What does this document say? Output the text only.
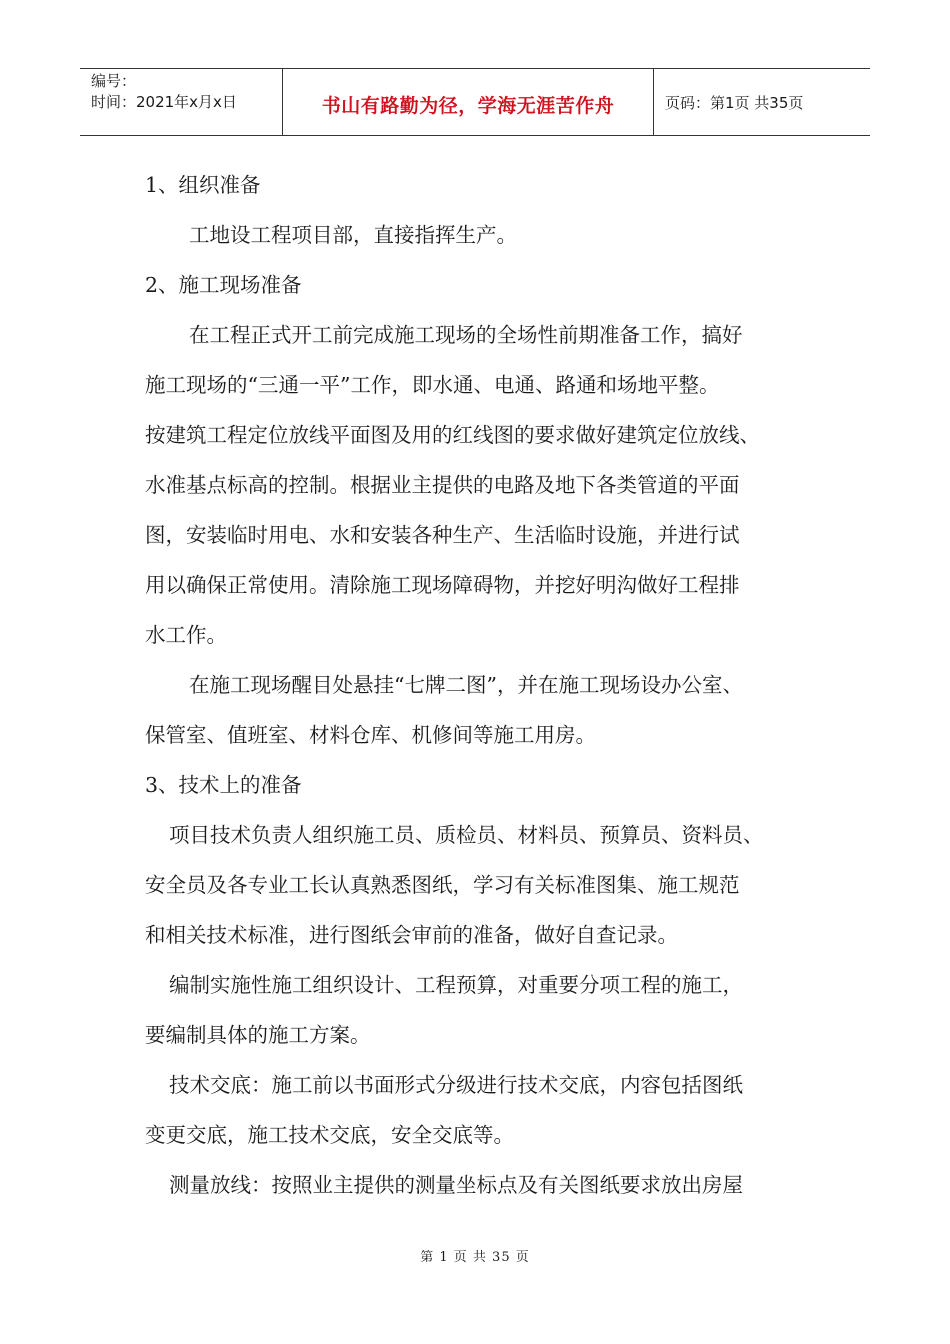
编号：
时间：2021年x月x日	书山有路勤为径，学海无涯苦作舟	页码：第1页 共35页

1、组织准备

工地设工程项目部，直接指挥生产。

2、施工现场准备

在工程正式开工前完成施工现场的全场性前期准备工作，搞好

施工现场的“三通一平”工作，即水通、电通、路通和场地平整。

按建筑工程定位放线平面图及用的红线图的要求做好建筑定位放线、

水准基点标高的控制。根据业主提供的电路及地下各类管道的平面

图，安装临时用电、水和安装各种生产、生活临时设施，并进行试

用以确保正常使用。清除施工现场障碍物，并挖好明沟做好工程排

水工作。

在施工现场醒目处悬挂“七牌二图”，并在施工现场设办公室、

保管室、值班室、材料仓库、机修间等施工用房。

3、技术上的准备

项目技术负责人组织施工员、质检员、材料员、预算员、资料员、

安全员及各专业工长认真熟悉图纸，学习有关标准图集、施工规范

和相关技术标准，进行图纸会审前的准备，做好自查记录。

编制实施性施工组织设计、工程预算，对重要分项工程的施工，

要编制具体的施工方案。

技术交底：施工前以书面形式分级进行技术交底，内容包括图纸

变更交底，施工技术交底，安全交底等。

测量放线：按照业主提供的测量坐标点及有关图纸要求放出房屋

第 1 页 共 35 页
